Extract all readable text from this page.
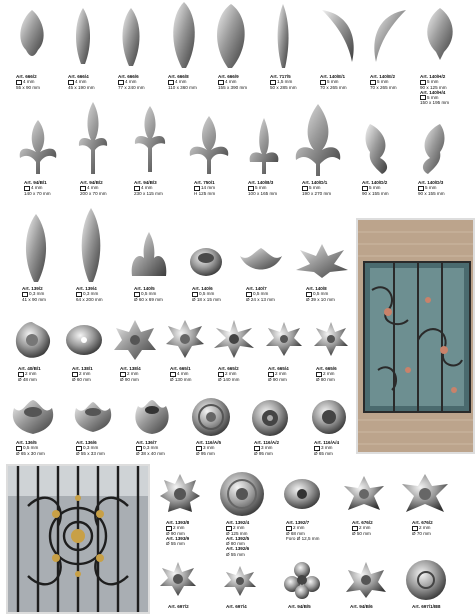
Art. 666/2
4 mm
55 x 90 mm
Art. 666/4
4 mm
45 x 190 mm
Art. 666/6
4 mm
77 x 240 mm
Art. 666/8
4 mm
110 x 360 mm
Art. 666/9
4 mm
155 x 390 mm
Art. 717/5
1,5 mm
50 x 285 mm
Art. 140/E/1
5 mm
70 x 265 mm
Art. 140/E/2
5 mm
70 x 265 mm
Art. 140/H/2
5 mm
90 x 125 mm
Art. 140/H/4
5 mm
150 x 195 mm
Art. 94/B/1
4 mm
140 x 70 mm
Art. 94/B/2
4 mm
200 x 70 mm
Art. 94/B/3
4 mm
230 x 115 mm
Art. 750/1
14 mm
H 125 mm
Art. 140/B/3
5 mm
100 x 165 mm
Art. 140/D/1
5 mm
190 x 270 mm
Art. 140/D/2
5 mm
90 x 155 mm
Art. 140/D/3
5 mm
90 x 155 mm
Art. 139/2
0,3 mm
41 x 90 mm
Art. 139/4
0,3 mm
64 x 200 mm
Art. 140/5
0,5 mm
Ø 60 x 69 mm
Art. 140/6
0,5 mm
Ø 18 x 15 mm
Art. 140/7
0,5 mm
Ø 24 x 13 mm
Art. 140/8
0,5 mm
Ø 39 x 10 mm
Art. 40/B/1
2 mm
Ø 48 mm
Art. 138/1
2 mm
Ø 60 mm
Art. 138/4
2 mm
Ø 90 mm
Art. 665/1
4 mm
Ø 130 mm
Art. 665/2
2 mm
Ø 140 mm
Art. 665/4
2 mm
Ø 90 mm
Art. 665/6
2 mm
Ø 80 mm
Art. 136/5
0,5 mm
Ø 65 x 30 mm
Art. 136/6
0,3 mm
Ø 55 x 33 mm
Art. 136/7
0,3 mm
Ø 38 x 40 mm
Art. 116/A/5
3 mm
Ø 95 mm
Art. 116/A/2
3 mm
Ø 95 mm
Art. 116/A/4
3 mm
Ø 65 mm
Art. 1393/8
2 mm
Ø 90 mm
Art. 1393/9
Ø 55 mm
Art. 1392/4
2 mm
Ø 125 mm
Art. 1392/5
Ø 80 mm
Art. 1392/6
Ø 55 mm
Art. 1392/7
2 mm
Ø 68 mm
Foro Ø 12,5 mm
Art. 676/2
2 mm
Ø 50 mm
Art. 676/2
2 mm
Ø 70 mm
Art. 697/2	Art. 697/4	Art. 94/B/5	Art. 94/B/6	Art. 697/1/BB
